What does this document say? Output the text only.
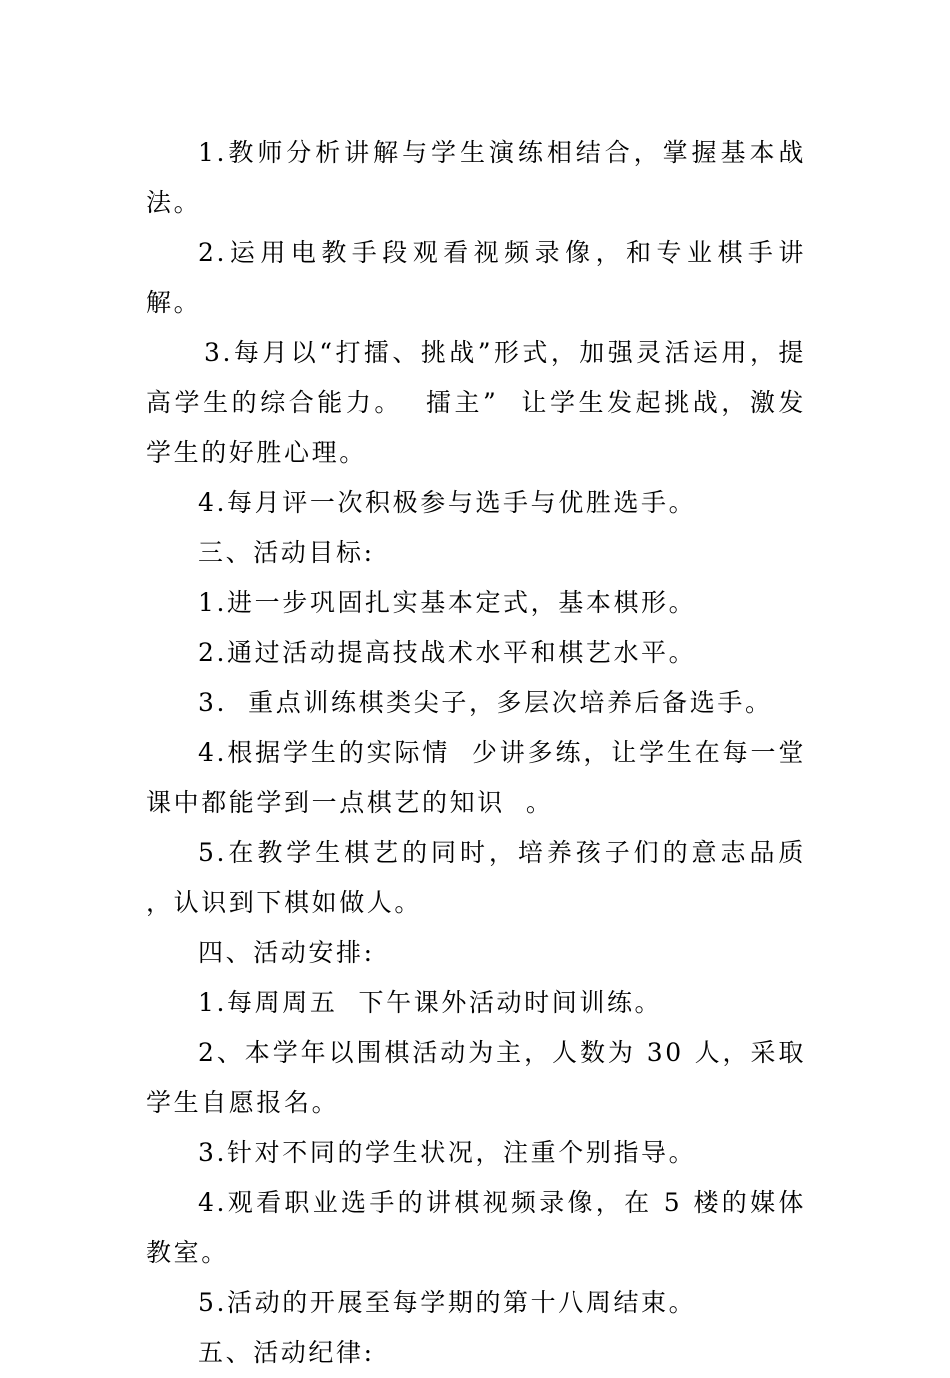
1.教师分析讲解与学生演练相结合，掌握基本战法。

2.运用电教手段观看视频录像，和专业棋手讲解。

3.每月以“打擂、挑战”形式，加强灵活运用，提高学生的综合能力。  擂主”  让学生发起挑战，激发学生的好胜心理。

4.每月评一次积极参与选手与优胜选手。

三、活动目标:

1.进一步巩固扎实基本定式，基本棋形。

2.通过活动提高技战术水平和棋艺水平。

3.  重点训练棋类尖子，多层次培养后备选手。

4.根据学生的实际情  少讲多练，让学生在每一堂课中都能学到一点棋艺的知识  。

5.在教学生棋艺的同时，培养孩子们的意志品质  ，认识到下棋如做人。

四、活动安排:

1.每周周五  下午课外活动时间训练。

2、本学年以围棋活动为主，人数为 30 人，采取学生自愿报名。

3.针对不同的学生状况，注重个别指导。

4.观看职业选手的讲棋视频录像，在 5 楼的媒体教室。

5.活动的开展至每学期的第十八周结束。

五、活动纪律:
